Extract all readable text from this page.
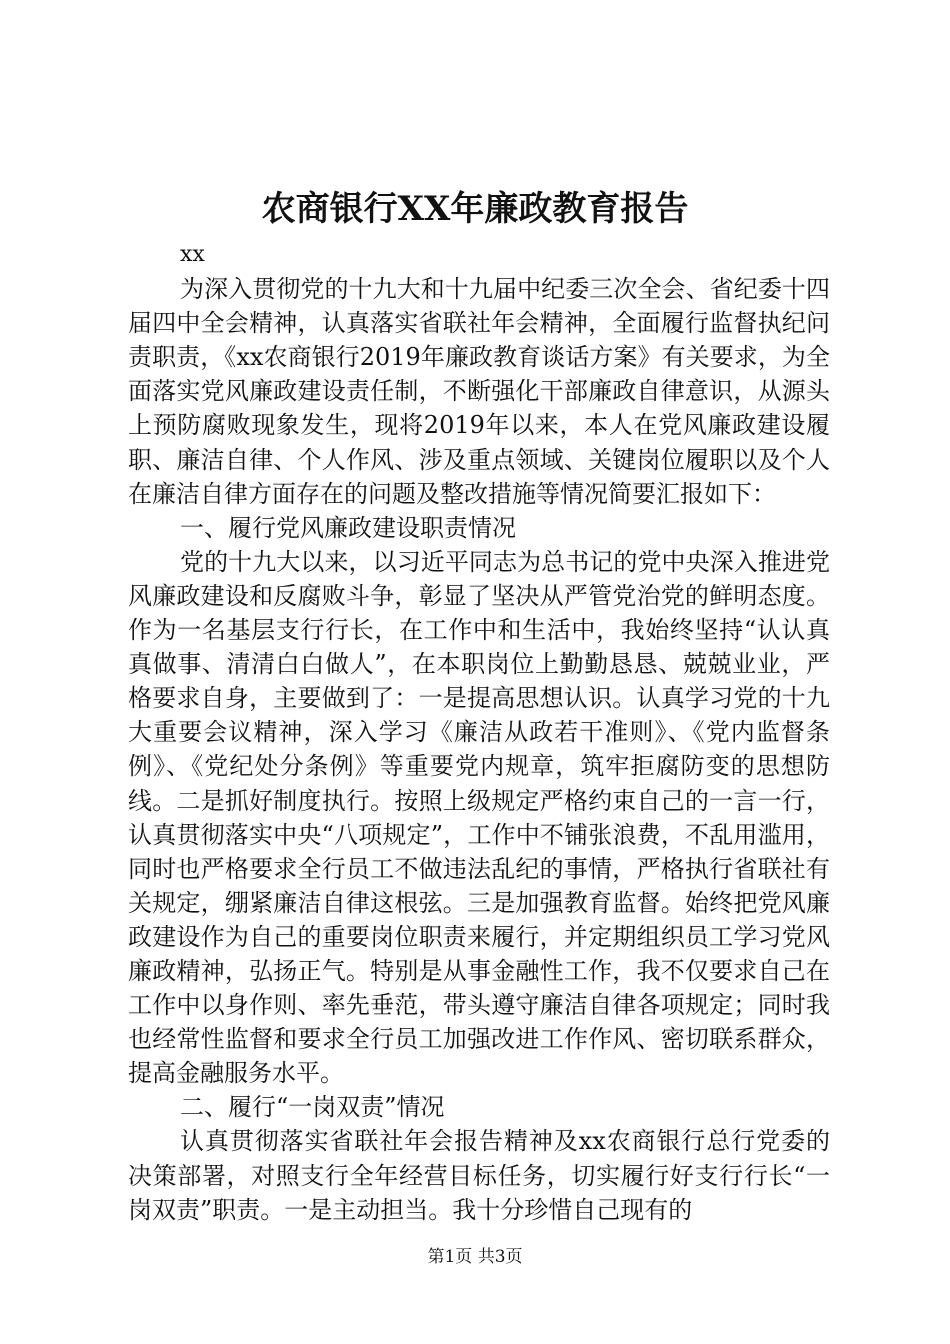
农商银行XX年廉政教育报告

xx

为深入贯彻党的十九大和十九届中纪委三次全会、省纪委十四届四中全会精神，认真落实省联社年会精神，全面履行监督执纪问责职责，《xx农商银行2019年廉政教育谈话方案》有关要求，为全面落实党风廉政建设责任制，不断强化干部廉政自律意识，从源头上预防腐败现象发生，现将2019年以来，本人在党风廉政建设履职、廉洁自律、个人作风、涉及重点领域、关键岗位履职以及个人在廉洁自律方面存在的问题及整改措施等情况简要汇报如下：

一、履行党风廉政建设职责情况

党的十九大以来，以习近平同志为总书记的党中央深入推进党风廉政建设和反腐败斗争，彰显了坚决从严管党治党的鲜明态度。作为一名基层支行行长，在工作中和生活中，我始终坚持“认认真真做事、清清白白做人”，在本职岗位上勤勤恳恳、兢兢业业，严格要求自身，主要做到了：一是提高思想认识。认真学习党的十九大重要会议精神，深入学习《廉洁从政若干准则》、《党内监督条例》、《党纪处分条例》等重要党内规章，筑牢拒腐防变的思想防线。二是抓好制度执行。按照上级规定严格约束自己的一言一行，认真贯彻落实中央“八项规定”，工作中不铺张浪费，不乱用滥用，同时也严格要求全行员工不做违法乱纪的事情，严格执行省联社有关规定，绷紧廉洁自律这根弦。三是加强教育监督。始终把党风廉政建设作为自己的重要岗位职责来履行，并定期组织员工学习党风廉政精神，弘扬正气。特别是从事金融性工作，我不仅要求自己在工作中以身作则、率先垂范，带头遵守廉洁自律各项规定；同时我也经常性监督和要求全行员工加强改进工作作风、密切联系群众，提高金融服务水平。

二、履行“一岗双责”情况

认真贯彻落实省联社年会报告精神及xx农商银行总行党委的决策部署，对照支行全年经营目标任务，切实履行好支行行长“一岗双责”职责。一是主动担当。我十分珍惜自己现有的

第1页 共3页
